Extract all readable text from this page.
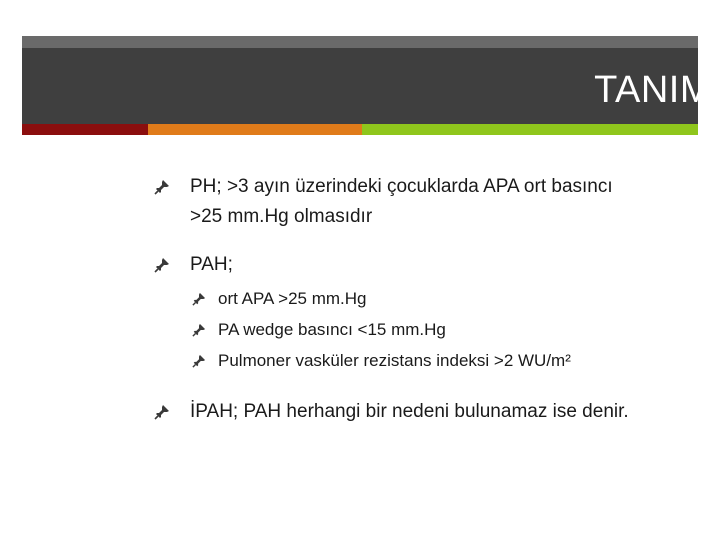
TANIM
PH; >3 ayın üzerindeki çocuklarda APA ort basıncı
>25 mm.Hg olmasıdır
PAH;
ort APA >25 mm.Hg
PA wedge basıncı <15 mm.Hg
Pulmoner vasküler rezistans indeksi >2 WU/m²
İPAH; PAH herhangi bir nedeni bulunamaz ise denir.
